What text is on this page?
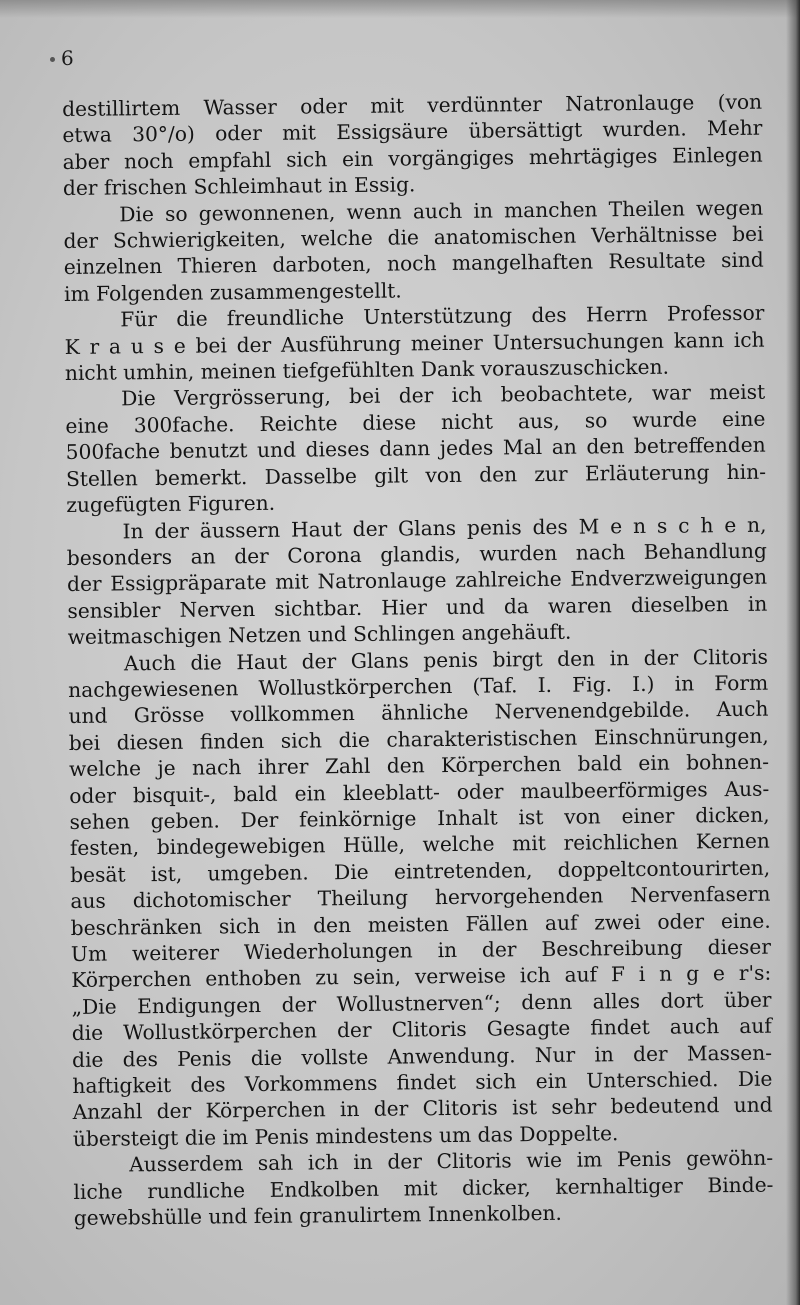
6
destillirtem Wasser oder mit verdünnter Natronlauge (von
etwa 30°/o) oder mit Essigsäure übersättigt wurden. Mehr
aber noch empfahl sich ein vorgängiges mehrtägiges Einlegen
der frischen Schleimhaut in Essig.
Die so gewonnenen, wenn auch in manchen Theilen wegen
der Schwierigkeiten, welche die anatomischen Verhältnisse bei
einzelnen Thieren darboten, noch mangelhaften Resultate sind
im Folgenden zusammengestellt.
Für die freundliche Unterstützung des Herrn Professor
K r a u s e bei der Ausführung meiner Untersuchungen kann ich
nicht umhin, meinen tiefgefühlten Dank vorauszuschicken.
Die Vergrösserung, bei der ich beobachtete, war meist
eine 300fache. Reichte diese nicht aus, so wurde eine
500fache benutzt und dieses dann jedes Mal an den betreffenden
Stellen bemerkt. Dasselbe gilt von den zur Erläuterung hin-
zugefügten Figuren.
In der äussern Haut der Glans penis des M e n s c h e n,
besonders an der Corona glandis, wurden nach Behandlung
der Essigpräparate mit Natronlauge zahlreiche Endverzweigungen
sensibler Nerven sichtbar. Hier und da waren dieselben in
weitmaschigen Netzen und Schlingen angehäuft.
Auch die Haut der Glans penis birgt den in der Clitoris
nachgewiesenen Wollustkörperchen (Taf. I. Fig. I.) in Form
und Grösse vollkommen ähnliche Nervenendgebilde. Auch
bei diesen finden sich die charakteristischen Einschnürungen,
welche je nach ihrer Zahl den Körperchen bald ein bohnen-
oder bisquit-, bald ein kleeblatt- oder maulbeerförmiges Aus-
sehen geben. Der feinkörnige Inhalt ist von einer dicken,
festen, bindegewebigen Hülle, welche mit reichlichen Kernen
besät ist, umgeben. Die eintretenden, doppeltcontourirten,
aus dichotomischer Theilung hervorgehenden Nervenfasern
beschränken sich in den meisten Fällen auf zwei oder eine.
Um weiterer Wiederholungen in der Beschreibung dieser
Körperchen enthoben zu sein, verweise ich auf F i n g e r's:
„Die Endigungen der Wollustnerven“; denn alles dort über
die Wollustkörperchen der Clitoris Gesagte findet auch auf
die des Penis die vollste Anwendung. Nur in der Massen-
haftigkeit des Vorkommens findet sich ein Unterschied. Die
Anzahl der Körperchen in der Clitoris ist sehr bedeutend und
übersteigt die im Penis mindestens um das Doppelte.
Ausserdem sah ich in der Clitoris wie im Penis gewöhn-
liche rundliche Endkolben mit dicker, kernhaltiger Binde-
gewebshülle und fein granulirtem Innenkolben.
